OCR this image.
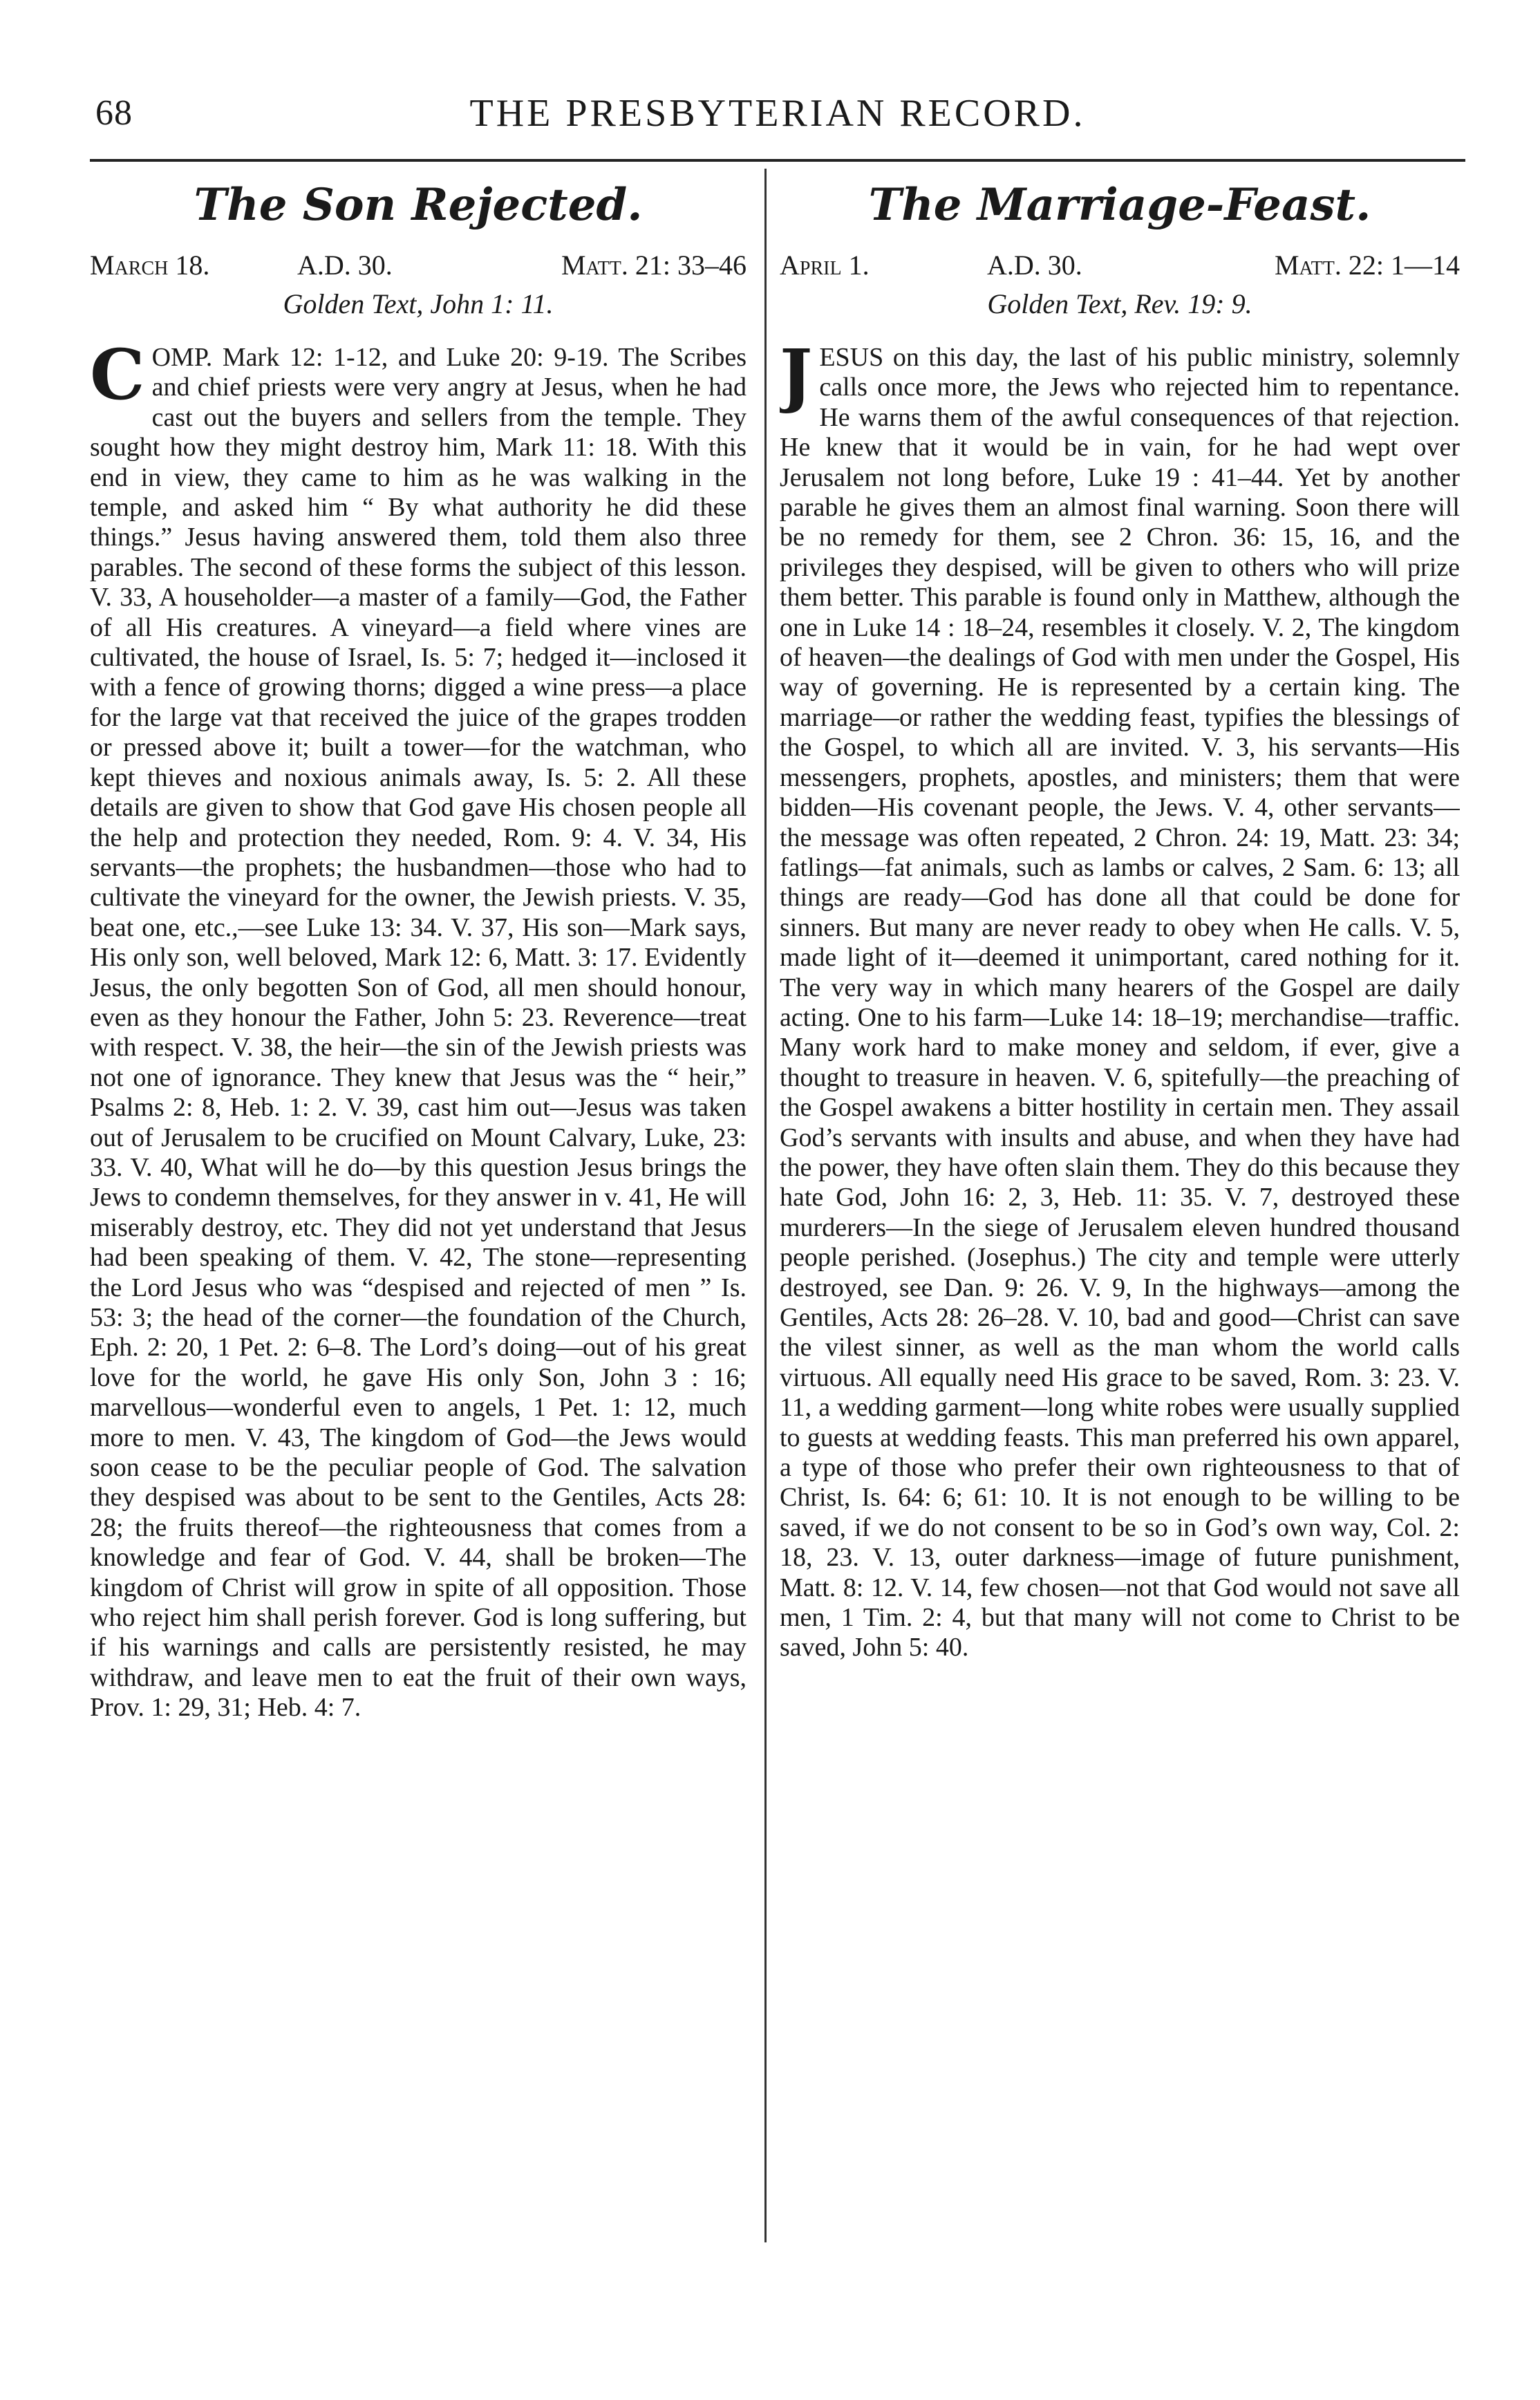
68	THE PRESBYTERIAN RECORD.
The Son Rejected.
March 18.	A.D. 30.	Matt. 21: 33–46
Golden Text, John 1: 11.
COMP. Mark 12: 1-12, and Luke 20: 9-19. The Scribes and chief priests were very angry at Jesus, when he had cast out the buyers and sellers from the temple. They sought how they might destroy him, Mark 11: 18. With this end in view, they came to him as he was walking in the temple, and asked him “ By what authority he did these things.” Jesus having answered them, told them also three parables. The second of these forms the subject of this lesson. V. 33, A householder—a master of a family—God, the Father of all His creatures. A vineyard—a field where vines are cultivated, the house of Israel, Is. 5: 7; hedged it—inclosed it with a fence of growing thorns; digged a wine press—a place for the large vat that received the juice of the grapes trodden or pressed above it; built a tower—for the watchman, who kept thieves and noxious animals away, Is. 5: 2. All these details are given to show that God gave His chosen people all the help and protection they needed, Rom. 9: 4. V. 34, His servants—the prophets; the husbandmen—those who had to cultivate the vineyard for the owner, the Jewish priests. V. 35, beat one, etc.,—see Luke 13: 34. V. 37, His son—Mark says, His only son, well beloved, Mark 12: 6, Matt. 3: 17. Evidently Jesus, the only begotten Son of God, all men should honour, even as they honour the Father, John 5: 23. Reverence—treat with respect. V. 38, the heir—the sin of the Jewish priests was not one of ignorance. They knew that Jesus was the “ heir,” Psalms 2: 8, Heb. 1: 2. V. 39, cast him out—Jesus was taken out of Jerusalem to be crucified on Mount Calvary, Luke, 23: 33. V. 40, What will he do—by this question Jesus brings the Jews to condemn themselves, for they answer in v. 41, He will miserably destroy, etc. They did not yet understand that Jesus had been speaking of them. V. 42, The stone—representing the Lord Jesus who was “despised and rejected of men ” Is. 53: 3; the head of the corner—the foundation of the Church, Eph. 2: 20, 1 Pet. 2: 6–8. The Lord’s doing—out of his great love for the world, he gave His only Son, John 3 : 16; marvellous—wonderful even to angels, 1 Pet. 1: 12, much more to men. V. 43, The kingdom of God—the Jews would soon cease to be the peculiar people of God. The salvation they despised was about to be sent to the Gentiles, Acts 28: 28; the fruits thereof—the righteousness that comes from a knowledge and fear of God. V. 44, shall be broken—The kingdom of Christ will grow in spite of all opposition. Those who reject him shall perish forever. God is long suffering, but if his warnings and calls are persistently resisted, he may withdraw, and leave men to eat the fruit of their own ways, Prov. 1: 29, 31; Heb. 4: 7.
The Marriage-Feast.
April 1.	A.D. 30.	Matt. 22: 1—14
Golden Text, Rev. 19: 9.
JESUS on this day, the last of his public ministry, solemnly calls once more, the Jews who rejected him to repentance. He warns them of the awful consequences of that rejection. He knew that it would be in vain, for he had wept over Jerusalem not long before, Luke 19 : 41–44. Yet by another parable he gives them an almost final warning. Soon there will be no remedy for them, see 2 Chron. 36: 15, 16, and the privileges they despised, will be given to others who will prize them better. This parable is found only in Matthew, although the one in Luke 14 : 18–24, resembles it closely. V. 2, The kingdom of heaven—the dealings of God with men under the Gospel, His way of governing. He is represented by a certain king. The marriage—or rather the wedding feast, typifies the blessings of the Gospel, to which all are invited. V. 3, his servants—His messengers, prophets, apostles, and ministers; them that were bidden—His covenant people, the Jews. V. 4, other servants—the message was often repeated, 2 Chron. 24: 19, Matt. 23: 34; fatlings—fat animals, such as lambs or calves, 2 Sam. 6: 13; all things are ready—God has done all that could be done for sinners. But many are never ready to obey when He calls. V. 5, made light of it—deemed it unimportant, cared nothing for it. The very way in which many hearers of the Gospel are daily acting. One to his farm—Luke 14: 18–19; merchandise—traffic. Many work hard to make money and seldom, if ever, give a thought to treasure in heaven. V. 6, spitefully—the preaching of the Gospel awakens a bitter hostility in certain men. They assail God’s servants with insults and abuse, and when they have had the power, they have often slain them. They do this because they hate God, John 16: 2, 3, Heb. 11: 35. V. 7, destroyed these murderers—In the siege of Jerusalem eleven hundred thousand people perished. (Josephus.) The city and temple were utterly destroyed, see Dan. 9: 26. V. 9, In the highways—among the Gentiles, Acts 28: 26–28. V. 10, bad and good—Christ can save the vilest sinner, as well as the man whom the world calls virtuous. All equally need His grace to be saved, Rom. 3: 23. V. 11, a wedding garment—long white robes were usually supplied to guests at wedding feasts. This man preferred his own apparel, a type of those who prefer their own righteousness to that of Christ, Is. 64: 6; 61: 10. It is not enough to be willing to be saved, if we do not consent to be so in God’s own way, Col. 2: 18, 23. V. 13, outer darkness—image of future punishment, Matt. 8: 12. V. 14, few chosen—not that God would not save all men, 1 Tim. 2: 4, but that many will not come to Christ to be saved, John 5: 40.
